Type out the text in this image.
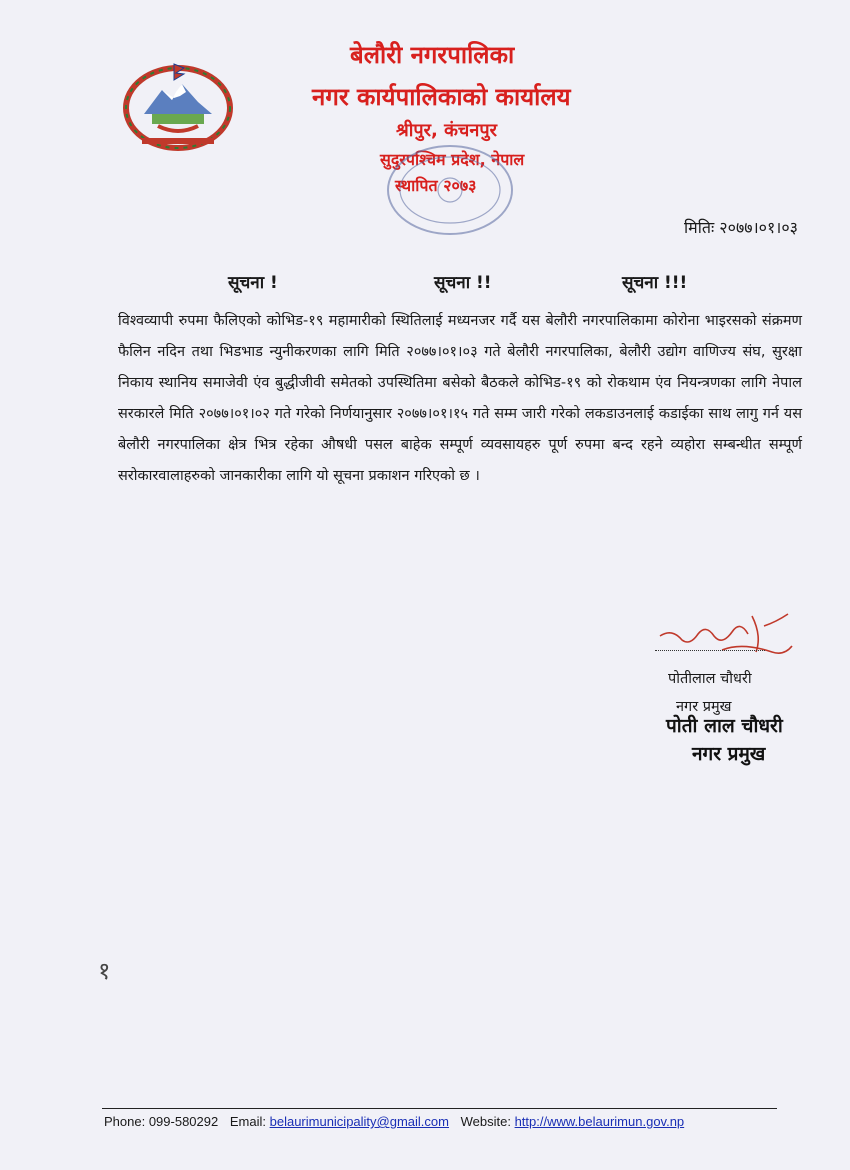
बेलौरी नगरपालिका
नगर कार्यपालिकाको कार्यालय
श्रीपुर, कंचनपुर
सुदुरपश्चिम प्रदेश, नेपाल
स्थापित २०७३
मितिः २०७७।०१।०३
सूचना !	सूचना !!	सूचना !!!
विश्वव्यापी रुपमा फैलिएको कोभिड-१९ महामारीको स्थितिलाई मध्यनजर गर्दै यस बेलौरी नगरपालिकामा कोरोना भाइरसको संक्रमण फैलिन नदिन तथा भिडभाड न्युनीकरणका लागि मिति २०७७।०१।०३ गते बेलौरी नगरपालिका, बेलौरी उद्योग वाणिज्य संघ, सुरक्षा निकाय स्थानिय समाजेवी एंव बुद्धीजीवी समेतको उपस्थितिमा बसेको बैठकले कोभिड-१९ को रोकथाम एंव नियन्त्रणका लागि नेपाल सरकारले मिति २०७७।०१।०२ गते गरेको निर्णयानुसार २०७७।०१।१५ गते सम्म जारी गरेको लकडाउनलाई कडाईका साथ लागु गर्न यस बेलौरी नगरपालिका क्षेत्र भित्र रहेका औषधी पसल बाहेक सम्पूर्ण व्यवसायहरु पूर्ण रुपमा बन्द रहने व्यहोरा सम्बन्धीत सम्पूर्ण सरोकारवालाहरुको जानकारीका लागि यो सूचना प्रकाशन गरिएको छ ।
पोतीलाल चौधरी
नगर प्रमुख
पोती लाल चौधरी
नगर प्रमुख
१
Phone: 099-580292 Email: belaurimunicipality@gmail.com Website: http://www.belaurimun.gov.np
